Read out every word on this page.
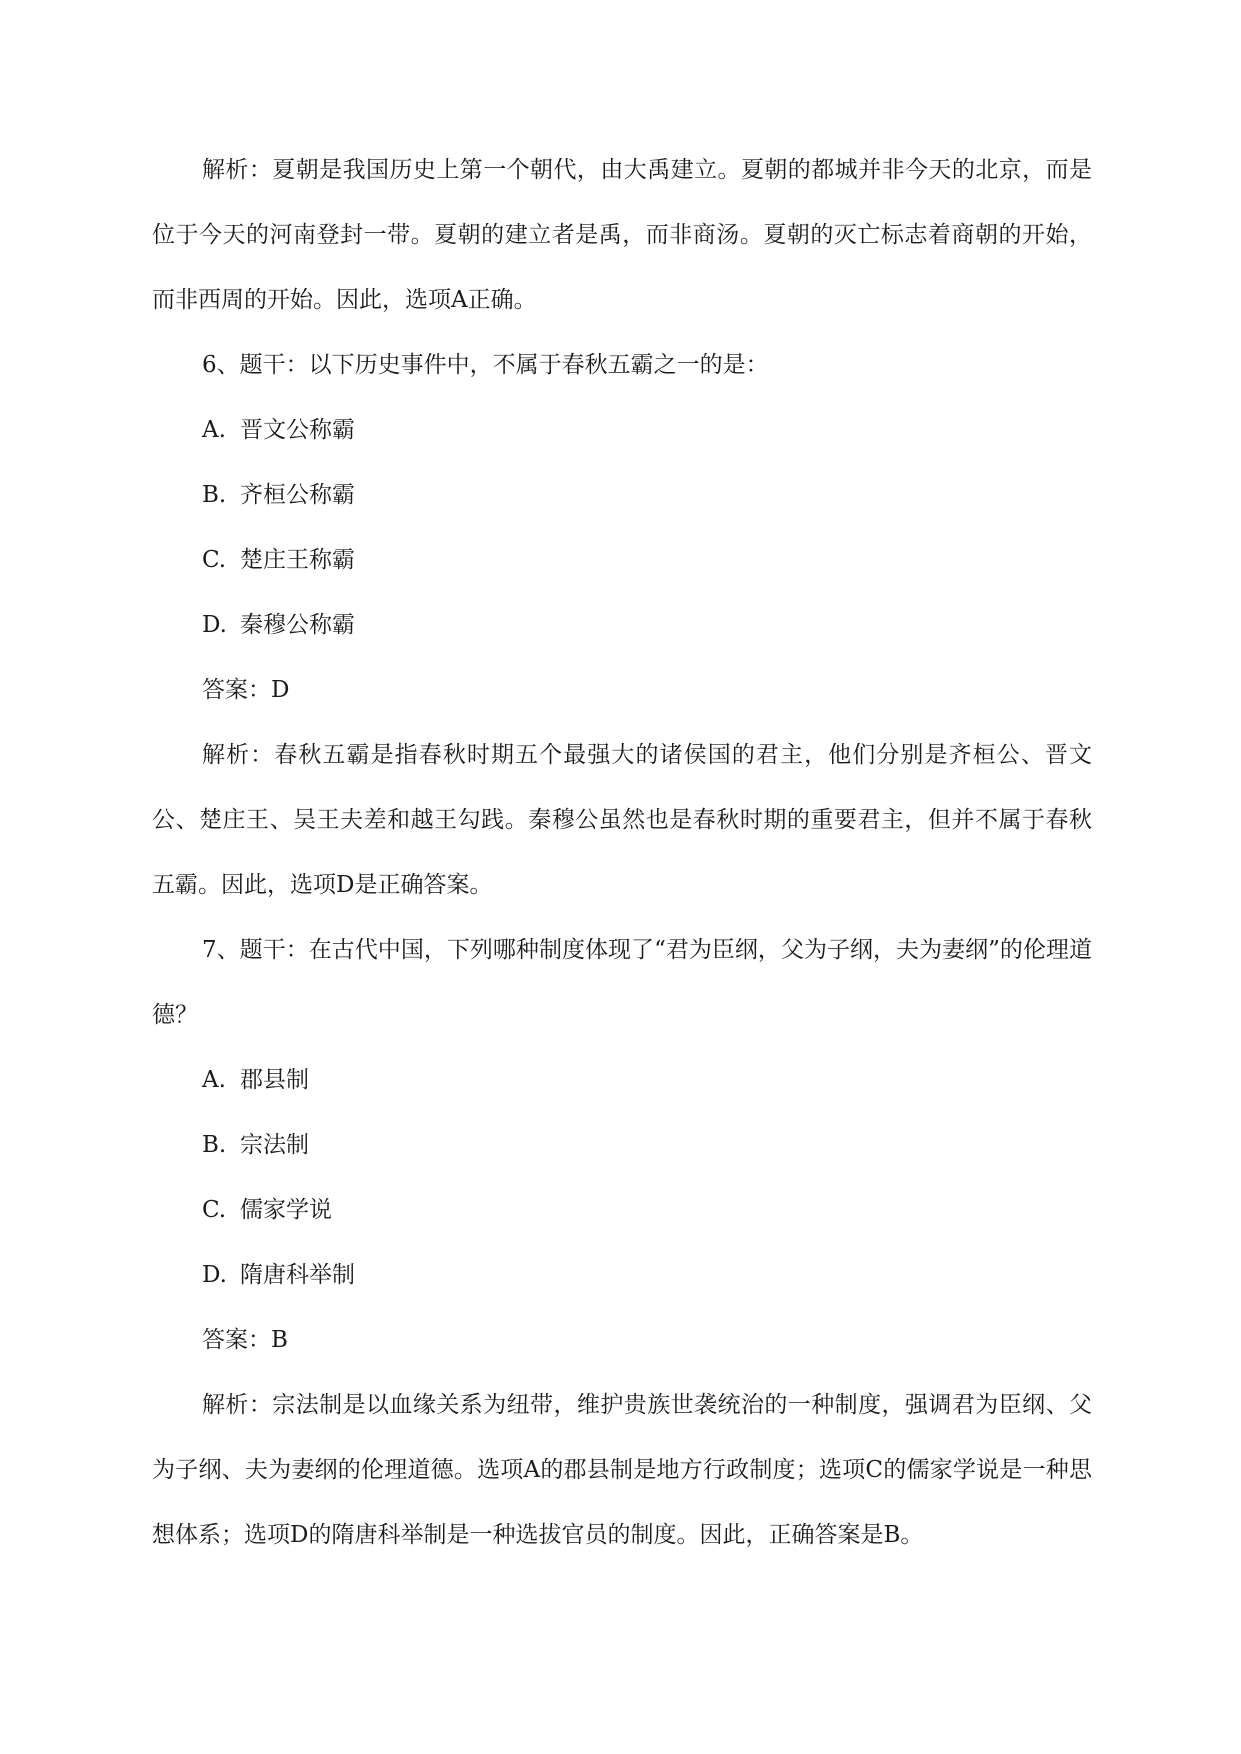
解析：夏朝是我国历史上第一个朝代，由大禹建立。夏朝的都城并非今天的北京，而是位于今天的河南登封一带。夏朝的建立者是禹，而非商汤。夏朝的灭亡标志着商朝的开始，而非西周的开始。因此，选项A正确。

6、题干：以下历史事件中，不属于春秋五霸之一的是：

A. 晋文公称霸

B. 齐桓公称霸

C. 楚庄王称霸

D. 秦穆公称霸

答案：D

解析：春秋五霸是指春秋时期五个最强大的诸侯国的君主，他们分别是齐桓公、晋文公、楚庄王、吴王夫差和越王勾践。秦穆公虽然也是春秋时期的重要君主，但并不属于春秋五霸。因此，选项D是正确答案。

7、题干：在古代中国，下列哪种制度体现了“君为臣纲，父为子纲，夫为妻纲”的伦理道德？

A. 郡县制

B. 宗法制

C. 儒家学说

D. 隋唐科举制

答案：B

解析：宗法制是以血缘关系为纽带，维护贵族世袭统治的一种制度，强调君为臣纲、父为子纲、夫为妻纲的伦理道德。选项A的郡县制是地方行政制度；选项C的儒家学说是一种思想体系；选项D的隋唐科举制是一种选拔官员的制度。因此，正确答案是B。
